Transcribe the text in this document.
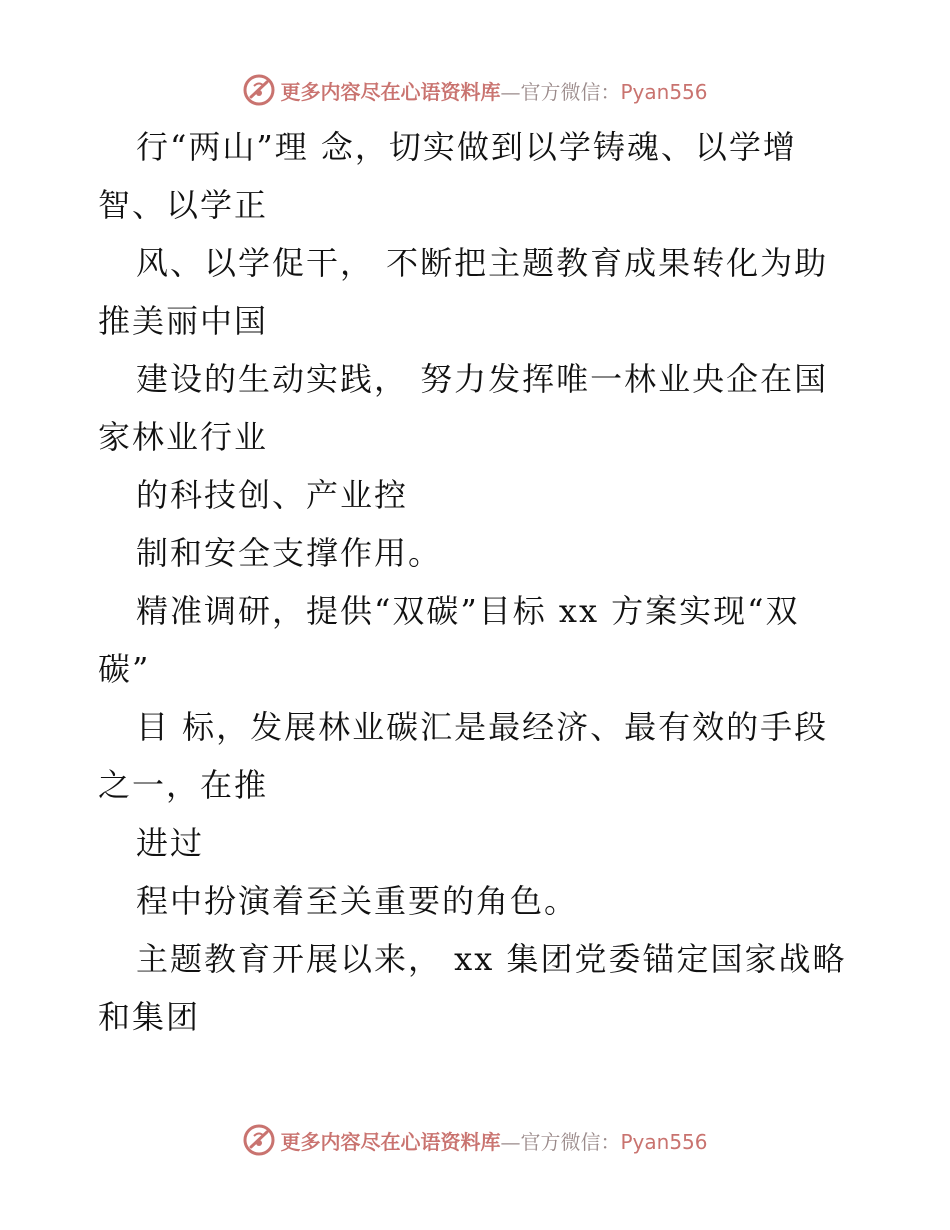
更多内容尽在心语资料库—官方微信：Pyan556
行“两山”理 念，切实做到以学铸魂、以学增
智、以学正
风、以学促干， 不断把主题教育成果转化为助
推美丽中国
建设的生动实践， 努力发挥唯一林业央企在国
家林业行业
的科技创、产业控
制和安全支撑作用。
精准调研，提供“双碳”目标 xx 方案实现“双
碳”
目 标，发展林业碳汇是最经济、最有效的手段
之一，在推
进过
程中扮演着至关重要的角色。
主题教育开展以来， xx 集团党委锚定国家战略
和集团
更多内容尽在心语资料库—官方微信：Pyan556
